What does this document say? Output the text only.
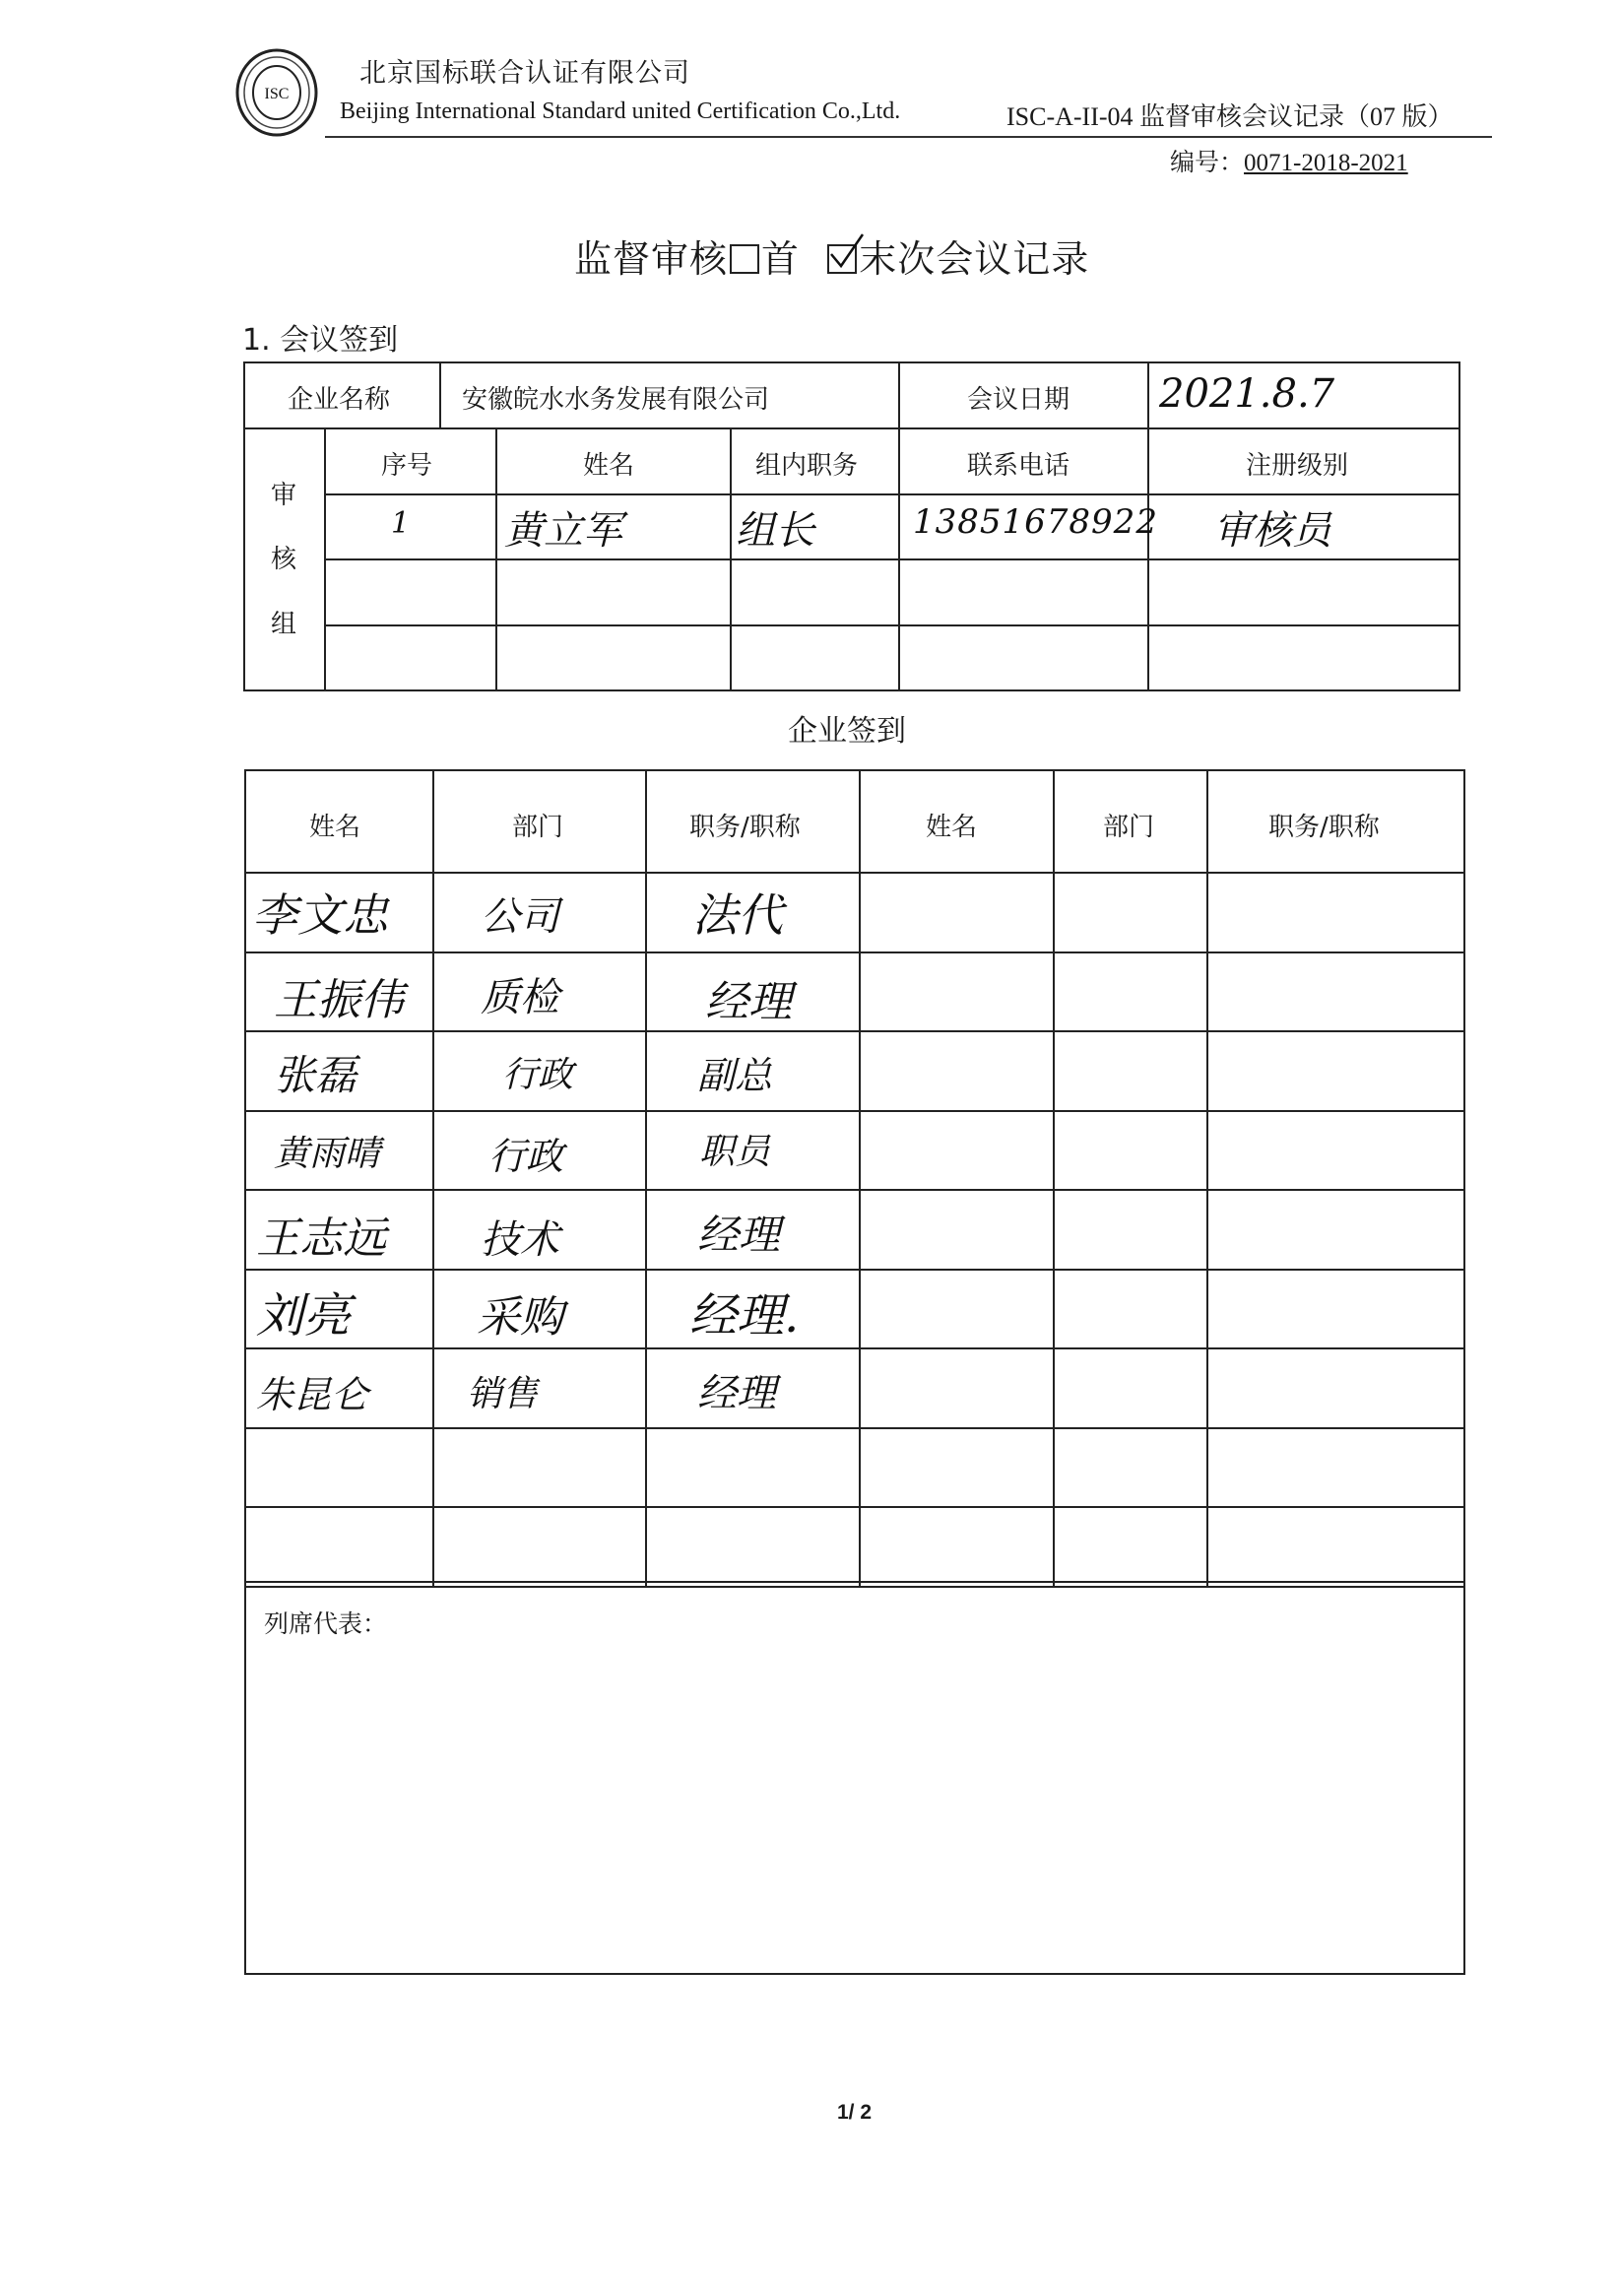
ISC
北京国标联合认证有限公司
Beijing International Standard united Certification Co.,Ltd.	ISC-A-II-04 监督审核会议记录（07 版）
编号：0071-2018-2021
监督审核 首 末次会议记录
1. 会议签到
企业名称	安徽皖水水务发展有限公司	会议日期 2021.8.7
审
核
组
序号	姓名	组内职务	联系电话	注册级别
1 黄立军	组长	13851678922 审核员
企业签到
姓名	部门	职务/职称	姓名	部门	职务/职称
李文忠 公司	法代
王振伟 质检	经理
张磊	行政	副总
黄雨晴	行政	职员
王志远 技术	经理
刘亮	采购	经理.
朱昆仑	销售	经理
列席代表：
1/ 2
